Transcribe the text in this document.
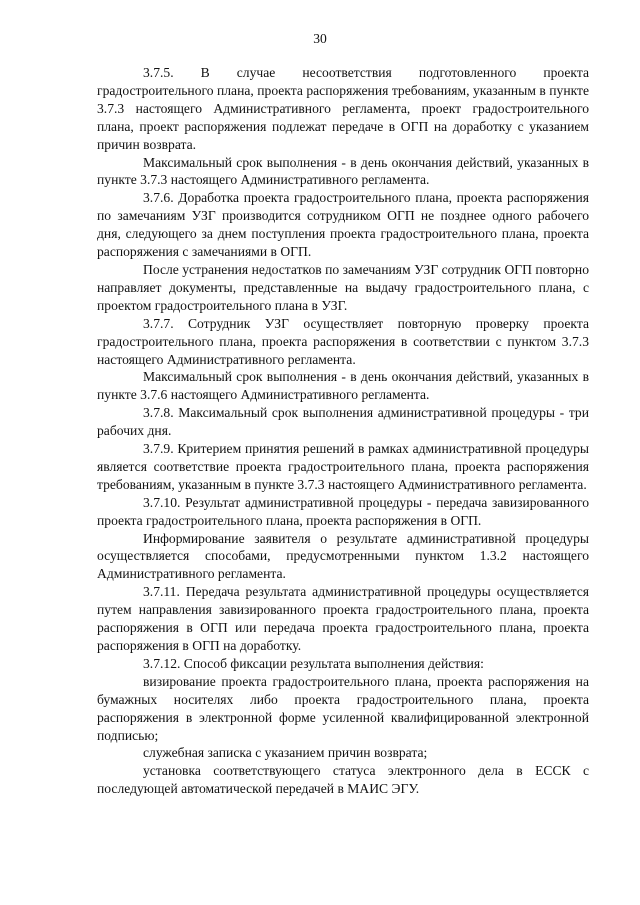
30

3.7.5. В случае несоответствия подготовленного проекта градостроительного плана, проекта распоряжения требованиям, указанным в пункте 3.7.3 настоящего Административного регламента, проект градостроительного плана, проект распоряжения подлежат передаче в ОГП на доработку с указанием причин возврата.

Максимальный срок выполнения - в день окончания действий, указанных в пункте 3.7.3 настоящего Административного регламента.

3.7.6. Доработка проекта градостроительного плана, проекта распоряжения по замечаниям УЗГ производится сотрудником ОГП не позднее одного рабочего дня, следующего за днем поступления проекта градостроительного плана, проекта распоряжения с замечаниями в ОГП.

После устранения недостатков по замечаниям УЗГ сотрудник ОГП повторно направляет документы, представленные на выдачу градостроительного плана, с проектом градостроительного плана в УЗГ.

3.7.7. Сотрудник УЗГ осуществляет повторную проверку проекта градостроительного плана, проекта распоряжения в соответствии с пунктом 3.7.3 настоящего Административного регламента.

Максимальный срок выполнения - в день окончания действий, указанных в пункте 3.7.6 настоящего Административного регламента.

3.7.8. Максимальный срок выполнения административной процедуры - три рабочих дня.

3.7.9. Критерием принятия решений в рамках административной процедуры является соответствие проекта градостроительного плана, проекта распоряжения требованиям, указанным в пункте 3.7.3 настоящего Административного регламента.

3.7.10. Результат административной процедуры - передача завизированного проекта градостроительного плана, проекта распоряжения в ОГП.

Информирование заявителя о результате административной процедуры осуществляется способами, предусмотренными пунктом 1.3.2 настоящего Административного регламента.

3.7.11. Передача результата административной процедуры осуществляется путем направления завизированного проекта градостроительного плана, проекта распоряжения в ОГП или передача проекта градостроительного плана, проекта распоряжения в ОГП на доработку.

3.7.12. Способ фиксации результата выполнения действия:

визирование проекта градостроительного плана, проекта распоряжения на бумажных носителях либо проекта градостроительного плана, проекта распоряжения в электронной форме усиленной квалифицированной электронной подписью;

служебная записка с указанием причин возврата;

установка соответствующего статуса электронного дела в ЕССК с последующей автоматической передачей в МАИС ЭГУ.
